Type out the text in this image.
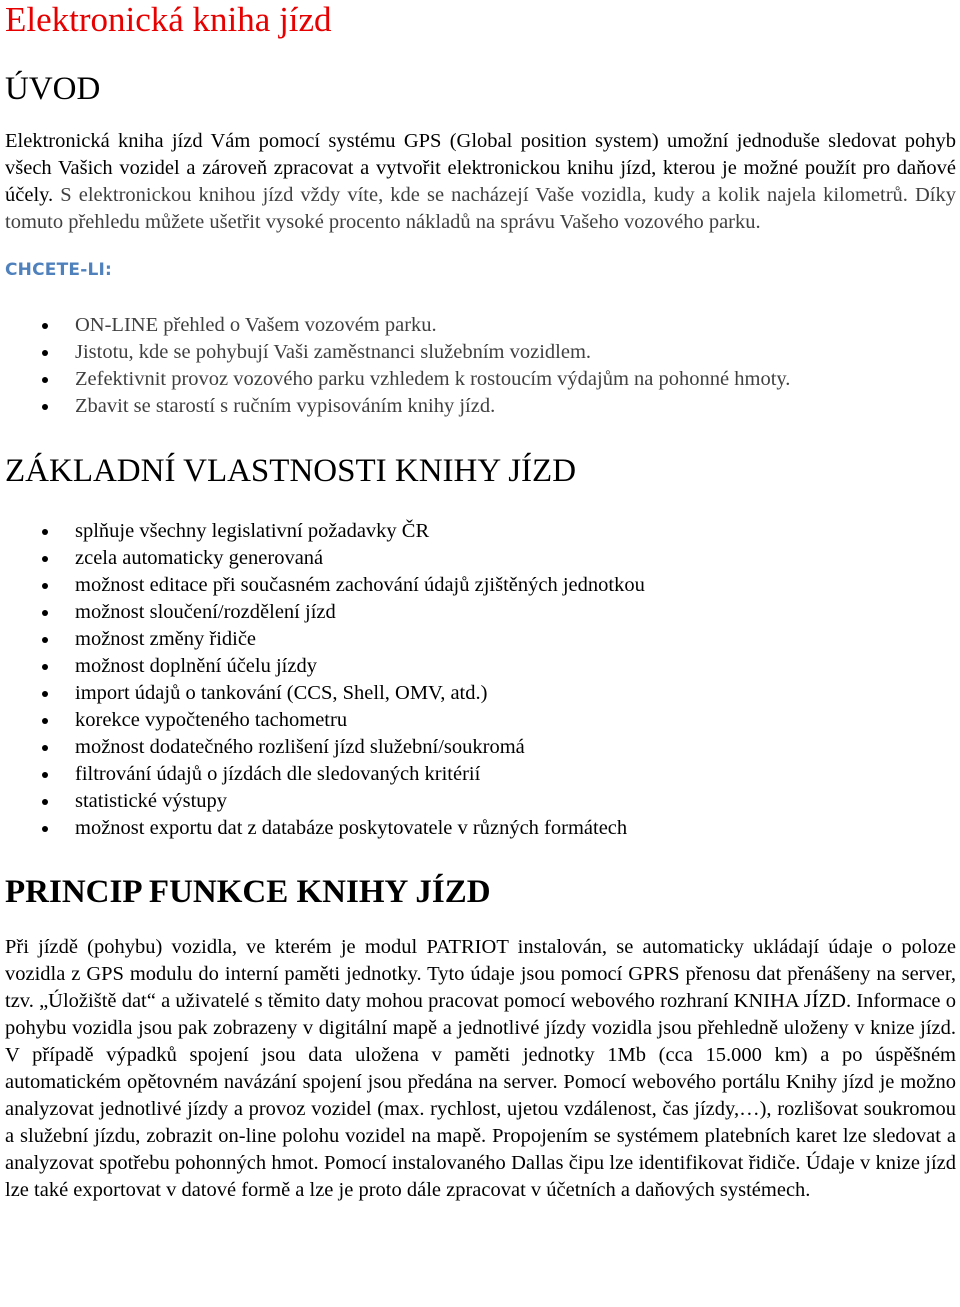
Elektronická kniha jízd
ÚVOD

Elektronická kniha jízd Vám pomocí systému GPS (Global position system) umožní jednoduše sledovat pohyb všech Vašich vozidel a zároveň zpracovat a vytvořit elektronickou knihu jízd, kterou je možné použít pro daňové účely. S elektronickou knihou jízd vždy víte, kde se nacházejí Vaše vozidla, kudy a kolik najela kilometrů. Díky tomuto přehledu můžete ušetřit vysoké procento nákladů na správu Vašeho vozového parku.

CHCETE-LI:
ON-LINE přehled o Vašem vozovém parku.
Jistotu, kde se pohybují Vaši zaměstnanci služebním vozidlem.
Zefektivnit provoz vozového parku vzhledem k rostoucím výdajům na pohonné hmoty.
Zbavit se starostí s ručním vypisováním knihy jízd.
ZÁKLADNÍ VLASTNOSTI KNIHY JÍZD
splňuje všechny legislativní požadavky ČR
zcela automaticky generovaná
možnost editace při současném zachování údajů zjištěných jednotkou
možnost sloučení/rozdělení jízd
možnost změny řidiče
možnost doplnění účelu jízdy
import údajů o tankování (CCS, Shell, OMV, atd.)
korekce vypočteného tachometru
možnost dodatečného rozlišení jízd služební/soukromá
filtrování údajů o jízdách dle sledovaných kritérií
statistické výstupy
možnost exportu dat z databáze poskytovatele v různých formátech
PRINCIP FUNKCE KNIHY JÍZD

Při jízdě (pohybu) vozidla, ve kterém je modul PATRIOT instalován, se automaticky ukládají údaje o poloze vozidla z GPS modulu do interní paměti jednotky. Tyto údaje jsou pomocí GPRS přenosu dat přenášeny na server, tzv. „Úložiště dat“ a uživatelé s těmito daty mohou pracovat pomocí webového rozhraní KNIHA JÍZD. Informace o pohybu vozidla jsou pak zobrazeny v digitální mapě a jednotlivé jízdy vozidla jsou přehledně uloženy v knize jízd. V případě výpadků spojení jsou data uložena v paměti jednotky 1Mb (cca 15.000 km) a po úspěšném automatickém opětovném navázání spojení jsou předána na server. Pomocí webového portálu Knihy jízd je možno analyzovat jednotlivé jízdy a provoz vozidel (max. rychlost, ujetou vzdálenost, čas jízdy,…), rozlišovat soukromou a služební jízdu, zobrazit on-line polohu vozidel na mapě. Propojením se systémem platebních karet lze sledovat a analyzovat spotřebu pohonných hmot. Pomocí instalovaného Dallas čipu lze identifikovat řidiče. Údaje v knize jízd lze také exportovat v datové formě a lze je proto dále zpracovat v účetních a daňových systémech.
